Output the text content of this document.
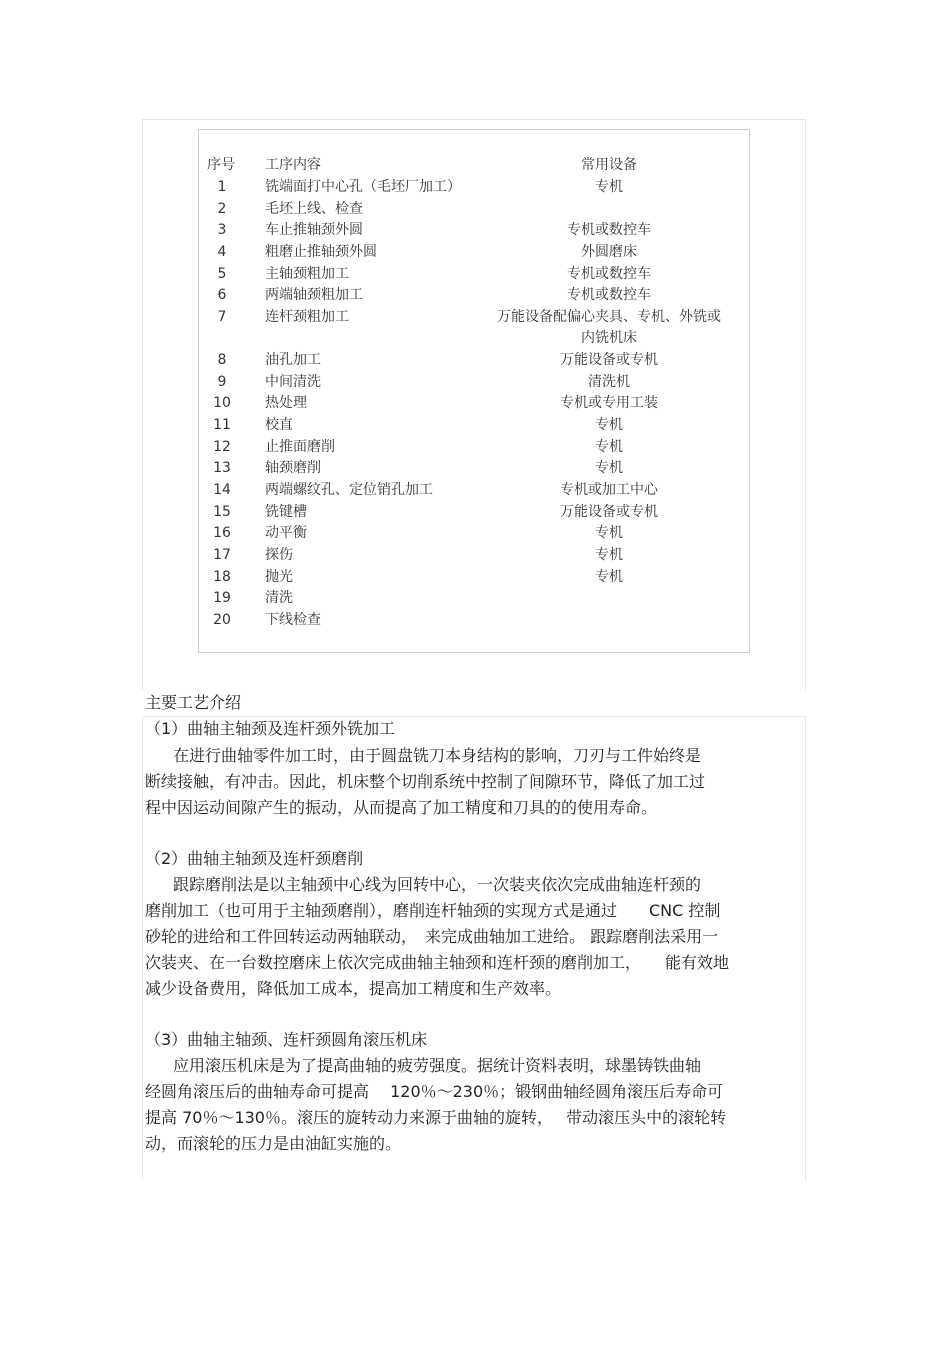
序号 工序内容	常用设备
1	铣端面打中心孔（毛坯厂加工）	专机
2	毛坯上线、检查
3	车止推轴颈外圆	专机或数控车
4	粗磨止推轴颈外圆	外圆磨床
5	主轴颈粗加工	专机或数控车
6	两端轴颈粗加工	专机或数控车
7	连杆颈粗加工	万能设备配偏心夹具、专机、外铣或
内铣机床
8	油孔加工	万能设备或专机
9	中间清洗	清洗机
10	热处理	专机或专用工装
11	校直	专机
12	止推面磨削	专机
13	轴颈磨削	专机
14	两端螺纹孔、定位销孔加工	专机或加工中心
15	铣键槽	万能设备或专机
16	动平衡	专机
17	探伤	专机
18	抛光	专机
19	清洗
20	下线检查
主要工艺介绍
（1）曲轴主轴颈及连杆颈外铣加工
在进行曲轴零件加工时，由于圆盘铣刀本身结构的影响，刀刃与工件始终是
断续接触，有冲击。因此，机床整个切削系统中控制了间隙环节，降低了加工过
程中因运动间隙产生的振动，从而提高了加工精度和刀具的的使用寿命。
（2）曲轴主轴颈及连杆颈磨削
跟踪磨削法是以主轴颈中心线为回转中心，一次装夹依次完成曲轴连杆颈的
磨削加工（也可用于主轴颈磨削），磨削连杆轴颈的实现方式是通过　　CNC 控制
砂轮的进给和工件回转运动两轴联动，　来完成曲轴加工进给。 跟踪磨削法采用一
次装夹、在一台数控磨床上依次完成曲轴主轴颈和连杆颈的磨削加工，　　能有效地
减少设备费用，降低加工成本，提高加工精度和生产效率。
（3）曲轴主轴颈、连杆颈圆角滚压机床
应用滚压机床是为了提高曲轴的疲劳强度。据统计资料表明，球墨铸铁曲轴
经圆角滚压后的曲轴寿命可提高　 120％～230％；锻钢曲轴经圆角滚压后寿命可
提高 70％～130％。滚压的旋转动力来源于曲轴的旋转，　 带动滚压头中的滚轮转
动，而滚轮的压力是由油缸实施的。
